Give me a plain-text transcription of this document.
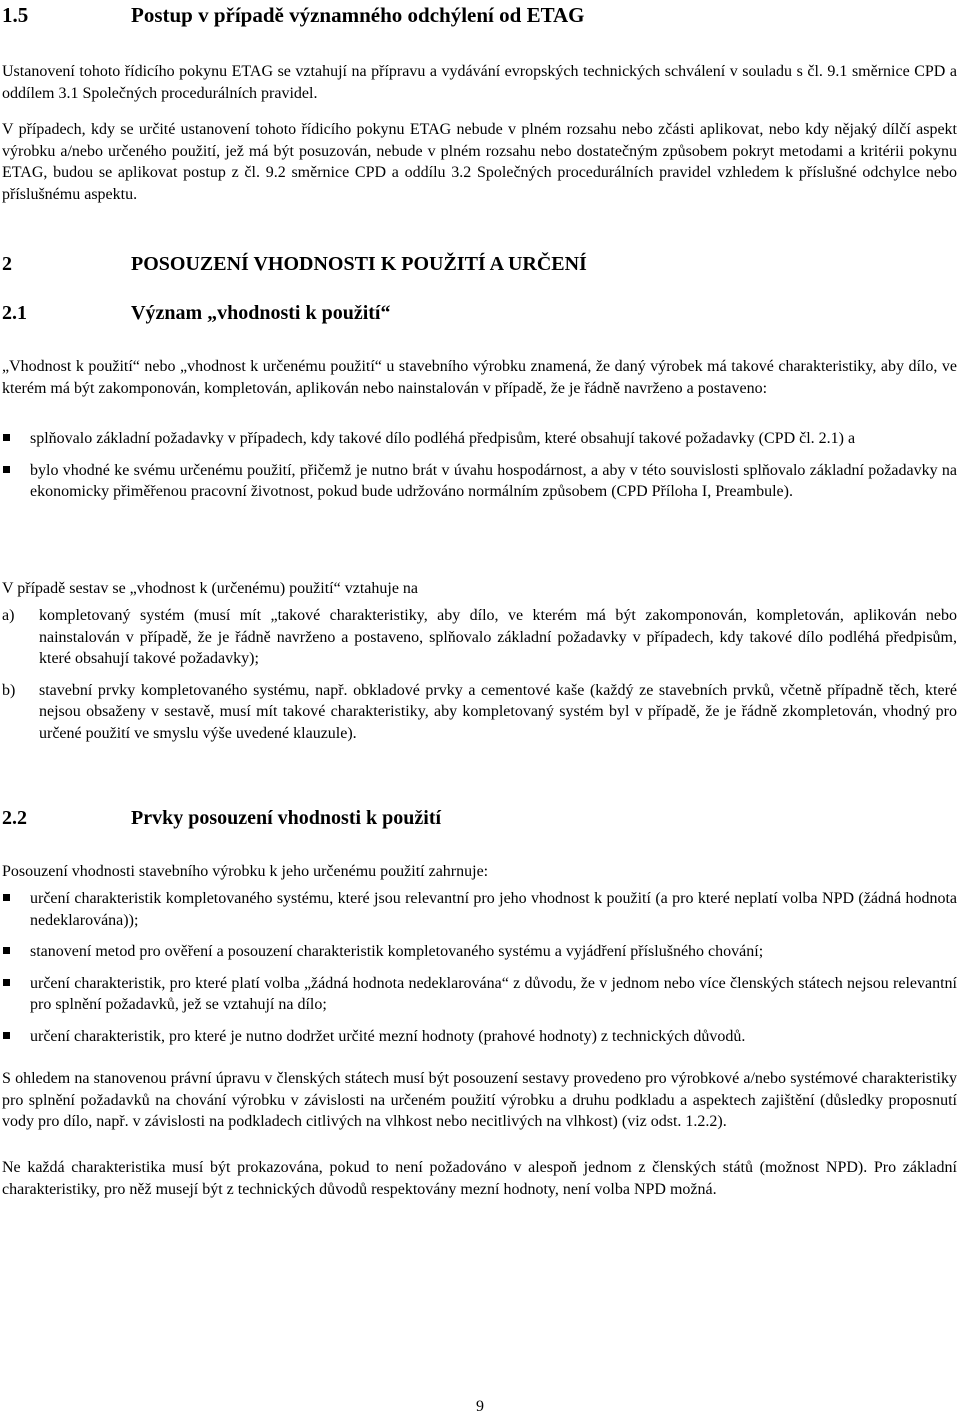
1.5	Postup v případě významného odchýlení od ETAG

Ustanovení tohoto řídicího pokynu ETAG se vztahují na přípravu a vydávání evropských technických schválení v souladu s čl. 9.1 směrnice CPD a oddílem 3.1 Společných procedurálních pravidel.

V případech, kdy se určité ustanovení tohoto řídicího pokynu ETAG nebude v plném rozsahu nebo zčásti aplikovat, nebo kdy nějaký dílčí aspekt výrobku a/nebo určeného použití, jež má být posuzován, nebude v plném rozsahu nebo dostatečným způsobem pokryt metodami a kritérii pokynu ETAG, budou se aplikovat postup z čl. 9.2 směrnice CPD a oddílu 3.2 Společných procedurálních pravidel vzhledem k příslušné odchylce nebo příslušnému aspektu.

2	POSOUZENÍ VHODNOSTI K POUŽITÍ A URČENÍ
2.1	Význam „vhodnosti k použití“

„Vhodnost k použití“ nebo „vhodnost k určenému použití“ u stavebního výrobku znamená, že daný výrobek má takové charakteristiky, aby dílo, ve kterém má být zakomponován, kompletován, aplikován nebo nainstalován v případě, že je řádně navrženo a postaveno:

splňovalo základní požadavky v případech, kdy takové dílo podléhá předpisům, které obsahují takové požadavky (CPD čl. 2.1) a
bylo vhodné ke svému určenému použití, přičemž je nutno brát v úvahu hospodárnost, a aby v této souvislosti splňovalo základní požadavky na ekonomicky přiměřenou pracovní životnost, pokud bude udržováno normálním způsobem (CPD Příloha I, Preambule).

V případě sestav se „vhodnost k (určenému) použití“ vztahuje na

a) kompletovaný systém (musí mít „takové charakteristiky, aby dílo, ve kterém má být zakomponován, kompletován, aplikován nebo nainstalován v případě, že je řádně navrženo a postaveno, splňovalo základní požadavky v případech, kdy takové dílo podléhá předpisům, které obsahují takové požadavky);
b) stavební prvky kompletovaného systému, např. obkladové prvky a cementové kaše (každý ze stavebních prvků, včetně případně těch, které nejsou obsaženy v sestavě, musí mít takové charakteristiky, aby kompletovaný systém byl v případě, že je řádně zkompletován, vhodný pro určené použití ve smyslu výše uvedené klauzule).
2.2	Prvky posouzení vhodnosti k použití

Posouzení vhodnosti stavebního výrobku k jeho určenému použití zahrnuje:

určení charakteristik kompletovaného systému, které jsou relevantní pro jeho vhodnost k použití (a pro které neplatí volba NPD (žádná hodnota nedeklarována));
stanovení metod pro ověření a posouzení charakteristik kompletovaného systému a vyjádření příslušného chování;
určení charakteristik, pro které platí volba „žádná hodnota nedeklarována“ z důvodu, že v jednom nebo více členských státech nejsou relevantní pro splnění požadavků, jež se vztahují na dílo;
určení charakteristik, pro které je nutno dodržet určité mezní hodnoty (prahové hodnoty) z technických důvodů.

S ohledem na stanovenou právní úpravu v členských státech musí být posouzení sestavy provedeno pro výrobkové a/nebo systémové charakteristiky pro splnění požadavků na chování výrobku v závislosti na určeném použití výrobku a druhu podkladu a aspektech zajištění (důsledky proposnutí vody pro dílo, např. v závislosti na podkladech citlivých na vlhkost nebo necitlivých na vlhkost) (viz odst. 1.2.2).

Ne každá charakteristika musí být prokazována, pokud to není požadováno v alespoň jednom z členských států (možnost NPD). Pro základní charakteristiky, pro něž musejí být z technických důvodů respektovány mezní hodnoty, není volba NPD možná.

9
